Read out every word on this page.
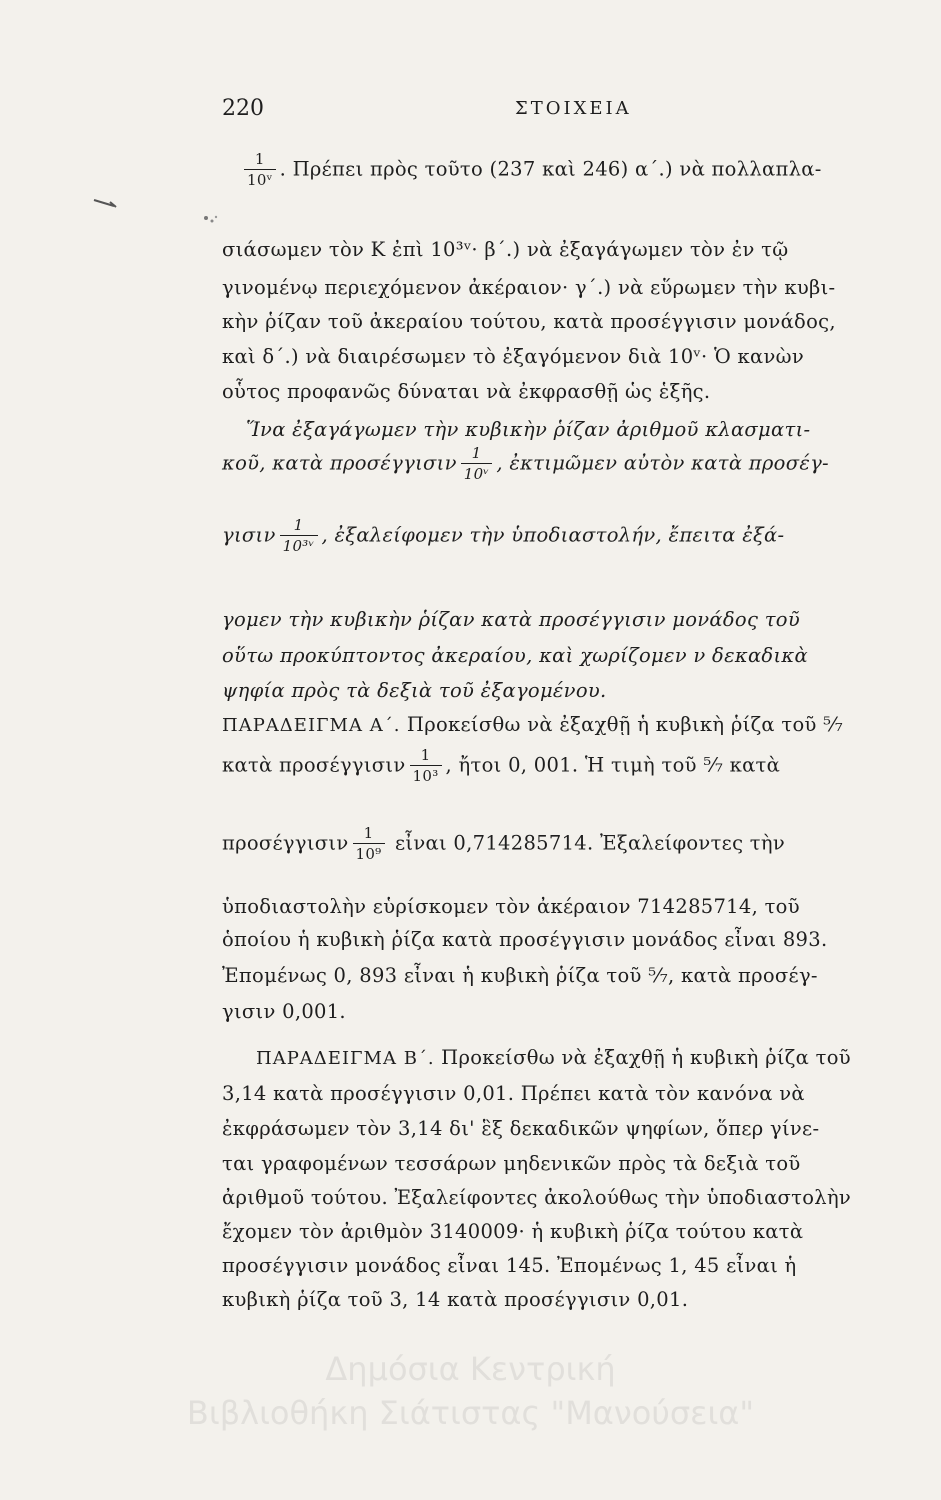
220	ΣΤΟΙΧΕΙΑ
$\frac{1}{\text{10ᵛ}}$ . Πρέπει πρὸς τοῦτο (237 καὶ 246) α΄.) νὰ πολλαπλα-
σιάσωμεν τὸν Κ ἐπὶ 10³ᵛ· β΄.) νὰ ἐξαγάγωμεν τὸν ἐν τῷ
γινομένῳ περιεχόμενον ἀκέραιον· γ΄.) νὰ εὕρωμεν τὴν κυβι-
κὴν ῥίζαν τοῦ ἀκεραίου τούτου, κατὰ προσέγγισιν μονάδος,
καὶ δ΄.) νὰ διαιρέσωμεν τὸ ἐξαγόμενον διὰ 10ᵛ· Ὁ κανὼν
οὗτος προφανῶς δύναται νὰ ἐκφρασθῇ ὡς ἑξῆς.
Ἵνα ἐξαγάγωμεν τὴν κυβικὴν ῥίζαν ἀριθμοῦ κλασματι-
κοῦ, κατὰ προσέγγισιν $\frac{1}{\text{10ᵛ}}$ , ἐκτιμῶμεν αὐτὸν κατὰ προσέγ-
γισιν $\frac{1}{\text{10³ᵛ}}$ , ἐξαλείφομεν τὴν ὑποδιαστολήν, ἔπειτα ἐξά-
γομεν τὴν κυβικὴν ῥίζαν κατὰ προσέγγισιν μονάδος τοῦ
οὕτω προκύπτοντος ἀκεραίου, καὶ χωρίζομεν ν δεκαδικὰ
ψηφία πρὸς τὰ δεξιὰ τοῦ ἐξαγομένου.
ΠΑΡΑΔΕΙΓΜΑ Α΄. Προκείσθω νὰ ἐξαχθῇ ἡ κυβικὴ ῥίζα τοῦ ⁵⁄₇
κατὰ προσέγγισιν $\frac{1}{\text{10³}}$ , ἤτοι 0, 001. Ἡ τιμὴ τοῦ ⁵⁄₇ κατὰ
προσέγγισιν $\frac{1}{\text{10⁹}}$ εἶναι 0,714285714. Ἐξαλείφοντες τὴν
ὑποδιαστολὴν εὑρίσκομεν τὸν ἀκέραιον 714285714, τοῦ
ὁποίου ἡ κυβικὴ ῥίζα κατὰ προσέγγισιν μονάδος εἶναι 893.
Ἐπομένως 0, 893 εἶναι ἡ κυβικὴ ῥίζα τοῦ ⁵⁄₇, κατὰ προσέγ-
γισιν 0,001.
ΠΑΡΑΔΕΙΓΜΑ Β΄. Προκείσθω νὰ ἐξαχθῇ ἡ κυβικὴ ῥίζα τοῦ
3,14 κατὰ προσέγγισιν 0,01. Πρέπει κατὰ τὸν κανόνα νὰ
ἐκφράσωμεν τὸν 3,14 δι' ἓξ δεκαδικῶν ψηφίων, ὅπερ γίνε-
ται γραφομένων τεσσάρων μηδενικῶν πρὸς τὰ δεξιὰ τοῦ
ἀριθμοῦ τούτου. Ἐξαλείφοντες ἀκολούθως τὴν ὑποδιαστολὴν
ἔχομεν τὸν ἀριθμὸν 3140009· ἡ κυβικὴ ῥίζα τούτου κατὰ
προσέγγισιν μονάδος εἶναι 145. Ἐπομένως 1, 45 εἶναι ἡ
κυβικὴ ῥίζα τοῦ 3, 14 κατὰ προσέγγισιν 0,01.
Δημόσια Κεντρική
Βιβλιοθήκη Σιάτιστας "Μανούσεια"
